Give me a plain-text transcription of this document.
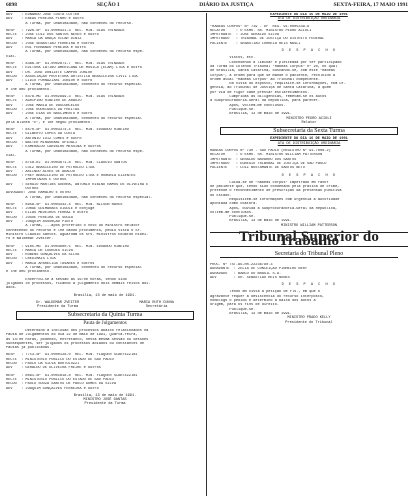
6898	SEÇÃO I	DIÁRIO DA JUSTIÇA	SEXTA-FEIRA, 17 MAIO 1991
ADV    : EDNARDO JOSÉ COSTA CUTTER
ADV    : ENEAS PEREIRA PINHO e outro
A Turma, por unanimidade, não conheceu do recurso.
RESP   : 7926-SP  91.0000421-3  REL. MIN. DIAS TRINDADE
RECTE  : JOSÉ LUIZ DOS SANTOS NEVES e outro
ADV    : MARIA DA GRAÇA VILAR DINIZ
RECDO  : JOSÉ SEBASTIÃO FERREIRA e outros
ADV    : RUI FERNANDO PEREIRA e outro
A Turma, por unanimidade, não conheceu do recurso espe-
cial.
RESP   : 8366-SP  91.0002871-7  REL. MIN. DIAS TRINDADE
RECTE  : EDITORA LATINO AMERICANA DE MÚSICA (ELAM) LTDA e outro
ADV    : DR. JOSÉ DONIZETE CAMPOS JUNIOR
RECDO  : ASSOCIAÇÃO PROTETORA ARTÍSTICA BRASILEIRA CIVIL LTDA
ADV    : LÍDIO FORNAZIARI JÚNIOR e outro
A Turma, por unanimidade, conheceu do recurso especial
e lhe deu provimento.
RESP   : 8478-MG  91.0002999-3  REL. MIN. DIAS TRINDADE
RECTE  : AGRIPINO RIBEIRO DE ARAÚJO
ADV    : JOSÉ MARIA DE VASCONCELOS
RECDO  : JOSÉ RODRIGUES DA FREITAS
ADV    : JOSÉ DIAS DO NASCIMENTO e outro
A Turma, por unanimidade, conheceu do recurso especial
pela alínea "c", e lhe negou provimento.
RESP   : 8570-SP  91.0003374-4  REL. MIN. EDUARDO RIBEIRO
RECTE  : GILBERTO LOPES DA COSTA
ADV    : ANTÔNIO LUIZ COMES e outro
RECDO  : WALTER MINGORANI SPIDALI
ADV    : ESMERALDO CARVALHO MESSINA e outros
A Turma, por unanimidade, não conheceu do recurso espe-
cial.
RESP   : 8718-RJ  91.0003671-8  REL. MIN. CLÁUDIO SANTOS
RECTE  : LUIZ BRASILEIRO DE PETRÓLEO LTDA
ADV    : ARLINDO ALVES DE ARAÚJO
RECDO  : FREY BRASILEIRO DE PETRÓLEO LTDA E HUNGRIA DIZENTES
IMPORTADOS E OUTROS
ADV    : SÉRGIO MARTINS GUERRA, ANTÔNIO RIBINO RAMOS DE OLIVEIRA E
OUTROS
ADVOGADO: JOSÉ RAMALHO E OUTRO
A Turma, por unanimidade, não conheceu do recurso especial.
RESP   : 8958-SP  91.0004442-4  REL. MIN. NILSON NAVES
RECTE  : JORGE GUIMARÃES DIGOLE e cônjuge
ADV    : ELIAS MEDEIROS FERRAZ e outro
RECDO  : JOSUÉ PEREIRA DE SOUZA
ADV    : JOAQUIM ASSUNÇÃO PINTO
A Turma, ...após proferido o voto do Ministro Relator
conhecendo do recurso e lhe dando provimento, pediu vista o Sr.
Ministro Cláudio Santos. Aguardam os Srs. Ministros Eduardo Ribei-
ro e Waldemar Zveiter.
RESP   : 9105-MG  91.0004800-5  REL. MIN. EDUARDO RIBEIRO
RECTE  : MARIA DE LOURDES SILVA
ADV    : RUBENS GONÇALVES DA SILVA
RECDO  : CREDIMAIS LTDA
ADV    : MARIA APARECIDA TAVARES e outros
A Turma, por unanimidade, conheceu do recurso especial
e lhe deu provimento.
Encerrou-se a sessão às 16:00 horas, tendo sido
julgados 30 processos, ficando a julgamento dois demais feitos adi-
ados.
Brasília, 13 de maio de 1991.
Dr. WALDEMAR ZVEITER
Presidente da Turma
MARIA RUTH CUNHA
Secretária
Subsecretaria da Quinta Turma
Pauta de Julgamentos
Determino a inclusão dos processos abaixo relacionados na
Pauta de Julgamentos do dia 22 de maio de 1991, Quarta-feira,
às 14:00 horas, podendo, entretanto, nesta mesma Sessão ou Sessões
subsequentes, ser julgados os processos adiados ou constantes de
Pautas já publicadas.
RESP   : 7713-SP  91.0000128-0  REL. MIN. FLAQUER SCARTEZZINI
RECTE  : MINISTÉRIO PÚBLICO DO ESTADO DE SÃO PAULO
RECDO  : PAULO DA SILVA BORTOLUZZI
ADV    : GERALDO DE OLIVEIRA FREIRE e outros
RESP   : 8091-SP  91.0001818-8  REL. MIN. FLAQUER SCARTEZZINI
RECTE  : MINISTÉRIO PÚBLICO DO ESTADO DE SÃO PAULO
RECDO  : PAULO SOUZA SANTOS DE PAULO GOMES DA SILVA
ADV    : JOAQUIM GONÇALVES FERREIRA e outro
Brasília, 13 de maio de 1991.
MINISTRO JOSÉ DANTAS
Presidente da Turma
EXPEDIENTE DO DIA 15 DE MAIO DE 1991
ATA DE DISTRIBUIÇÃO ORDINÁRIA
"HABEAS CORPUS" Nº 719 - DF  REG. 91.0005349-9
RELATOR     : O EXMO. SR. MINISTRO PEDRO ACIOLI
IMPETRANTE  : JOSÉ GERALDO SILVA
IMPETRADO   : TRIBUNAL DE JUSTIÇA DO DISTRITO FEDERAL
PACIENTE    : SEBASTIÃO CORREIA REIS NASCI
D E S P A C H O
Vistos, etc.
Concedendo a liminar e pleiteada por ter participado
da Turma do Colendo Tribunal "Habeas Corpus" nº 20, no qual
de Brasília, Santa Catarina, buscando-se, com este "Habeas
Corpus", a ordem para que se mande o paciente, recolhido à
ordem atual "Habeas Corpus" ao Tribunal competente.
Em vista do exposto, requisite-se informações, com ur-
gência, ao Tribunal de Justiça de Santa Catarina, a quem
por via de rigor cabe prestar esclarecimentos.
Cumpridas as diligências, remetam-se os autos
à Subprocuradoria-Geral da República, para parecer.
Após, voltem-me conclusos.
Publique-se.
Brasília, 13 de maio de 1991.
MINISTRO PEDRO ACIOLI
Relator
Subsecretaria da Sexta Turma
EXPEDIENTE DO DIA 16 DE MAIO DE 1991
ATA DE DISTRIBUIÇÃO ORDINÁRIA
HABEAS CORPUS Nº 730 - SÃO PAULO (REGISTRO Nº 91.7008-2)
RELATOR     : O EXMO. SR. MINISTRO WILLIAM PATTERSON
IMPETRANTE  : GERALDO NAVARRO DOS SANTOS
IMPETRADO   : EGRÉGIO TRIBUNAL DE JUSTIÇA DE SÃO PAULO
PACIENTE    : LUIZ BUSTAMANTE DE SANTOS NETO
D E S P A C H O
Cuida-se de "habeas corpus" impetrado em favor
de paciente que, tendo sido condenado pela prática de crime,
pretende o reconhecimento de prescrição da pretensão punitiva
do Estado.
Requisitem-se informações com urgência à autoridade
apontada como coatora.
Após, ouvida a Subprocuradoria-Geral da República,
voltem-me conclusos.
Publique-se.
Brasília, 13 de maio de 1991.
MINISTRO WILLIAM PATTERSON
Tribunal Superior do Trabalho
Secretaria do Tribunal Pleno
PROC. Nº TST-AG-RR-22236/90.3
AGRAVANTE  : ZÉLIA DE CONCEIÇÃO PINHEIRO NERY
AGRAVADO   : BANCO DO BRASIL S.A.
ADV        : DR. SEBASTIÃO REIS NUNES
D E S P A C H O
Tendo em vista a petição de fls., em que o
agravante requer a desistência do recurso interposto,
homologo o pedido e determino a baixa dos autos à
origem, para os fins de direito.
Publique-se.
Brasília, 14 de maio de 1991.
MINISTRO PRADO KELLY
Presidente do Tribunal
